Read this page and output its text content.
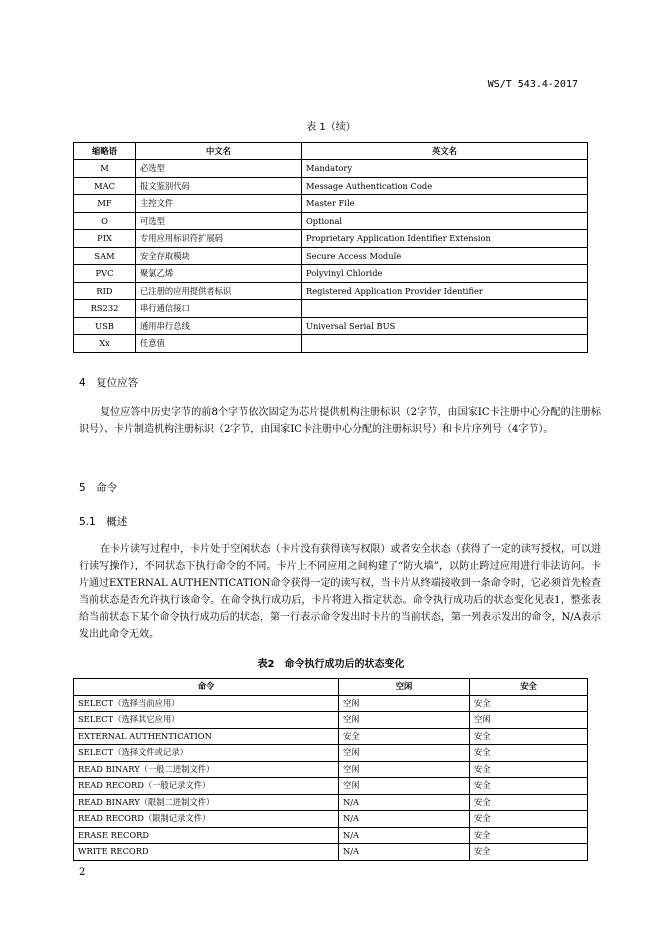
WS/T 543.4-2017
表 1（续）
缩略语	中文名	英文名
M	必选型	Mandatory
MAC	报文鉴别代码	Message Authentication Code
MF	主控文件	Master File
O	可选型	Optional
PIX	专用应用标识符扩展码	Proprietary Application Identifier Extension
SAM	安全存取模块	Secure Access Module
PVC	聚氯乙烯	Polyvinyl Chloride
RID	已注册的应用提供者标识	Registered Application Provider Identifier
RS232	串行通信接口	
USB	通用串行总线	Universal Serial BUS
Xx	任意值	
4　复位应答

复位应答中历史字节的前8个字节依次固定为芯片提供机构注册标识（2字节，由国家IC卡注册中心分配的注册标识号）、卡片制造机构注册标识（2字节，由国家IC卡注册中心分配的注册标识号）和卡片序列号（4字节）。

5　命令
5.1　概述

在卡片读写过程中，卡片处于空闲状态（卡片没有获得读写权限）或者安全状态（获得了一定的读写授权，可以进行读写操作），不同状态下执行命令的不同。卡片上不同应用之间构建了“防火墙”，以防止跨过应用进行非法访问。卡片通过EXTERNAL AUTHENTICATION命令获得一定的读写权，当卡片从终端接收到一条命令时，它必须首先检查当前状态是否允许执行该命令。在命令执行成功后，卡片将进入指定状态。命令执行成功后的状态变化见表1，整张表给当前状态下某个命令执行成功后的状态，第一行表示命令发出时卡片的当前状态，第一列表示发出的命令，N/A表示发出此命令无效。

表2　命令执行成功后的状态变化
命令	空闲	安全
SELECT（选择当前应用）	空闲	安全
SELECT（选择其它应用）	空闲	空闲
EXTERNAL AUTHENTICATION	安全	安全
SELECT（选择文件或记录）	空闲	安全
READ BINARY（一般二进制文件）	空闲	安全
READ RECORD（一般记录文件）	空闲	安全
READ BINARY（限制二进制文件）	N/A	安全
READ RECORD（限制记录文件）	N/A	安全
ERASE RECORD	N/A	安全
WRITE RECORD	N/A	安全
2
